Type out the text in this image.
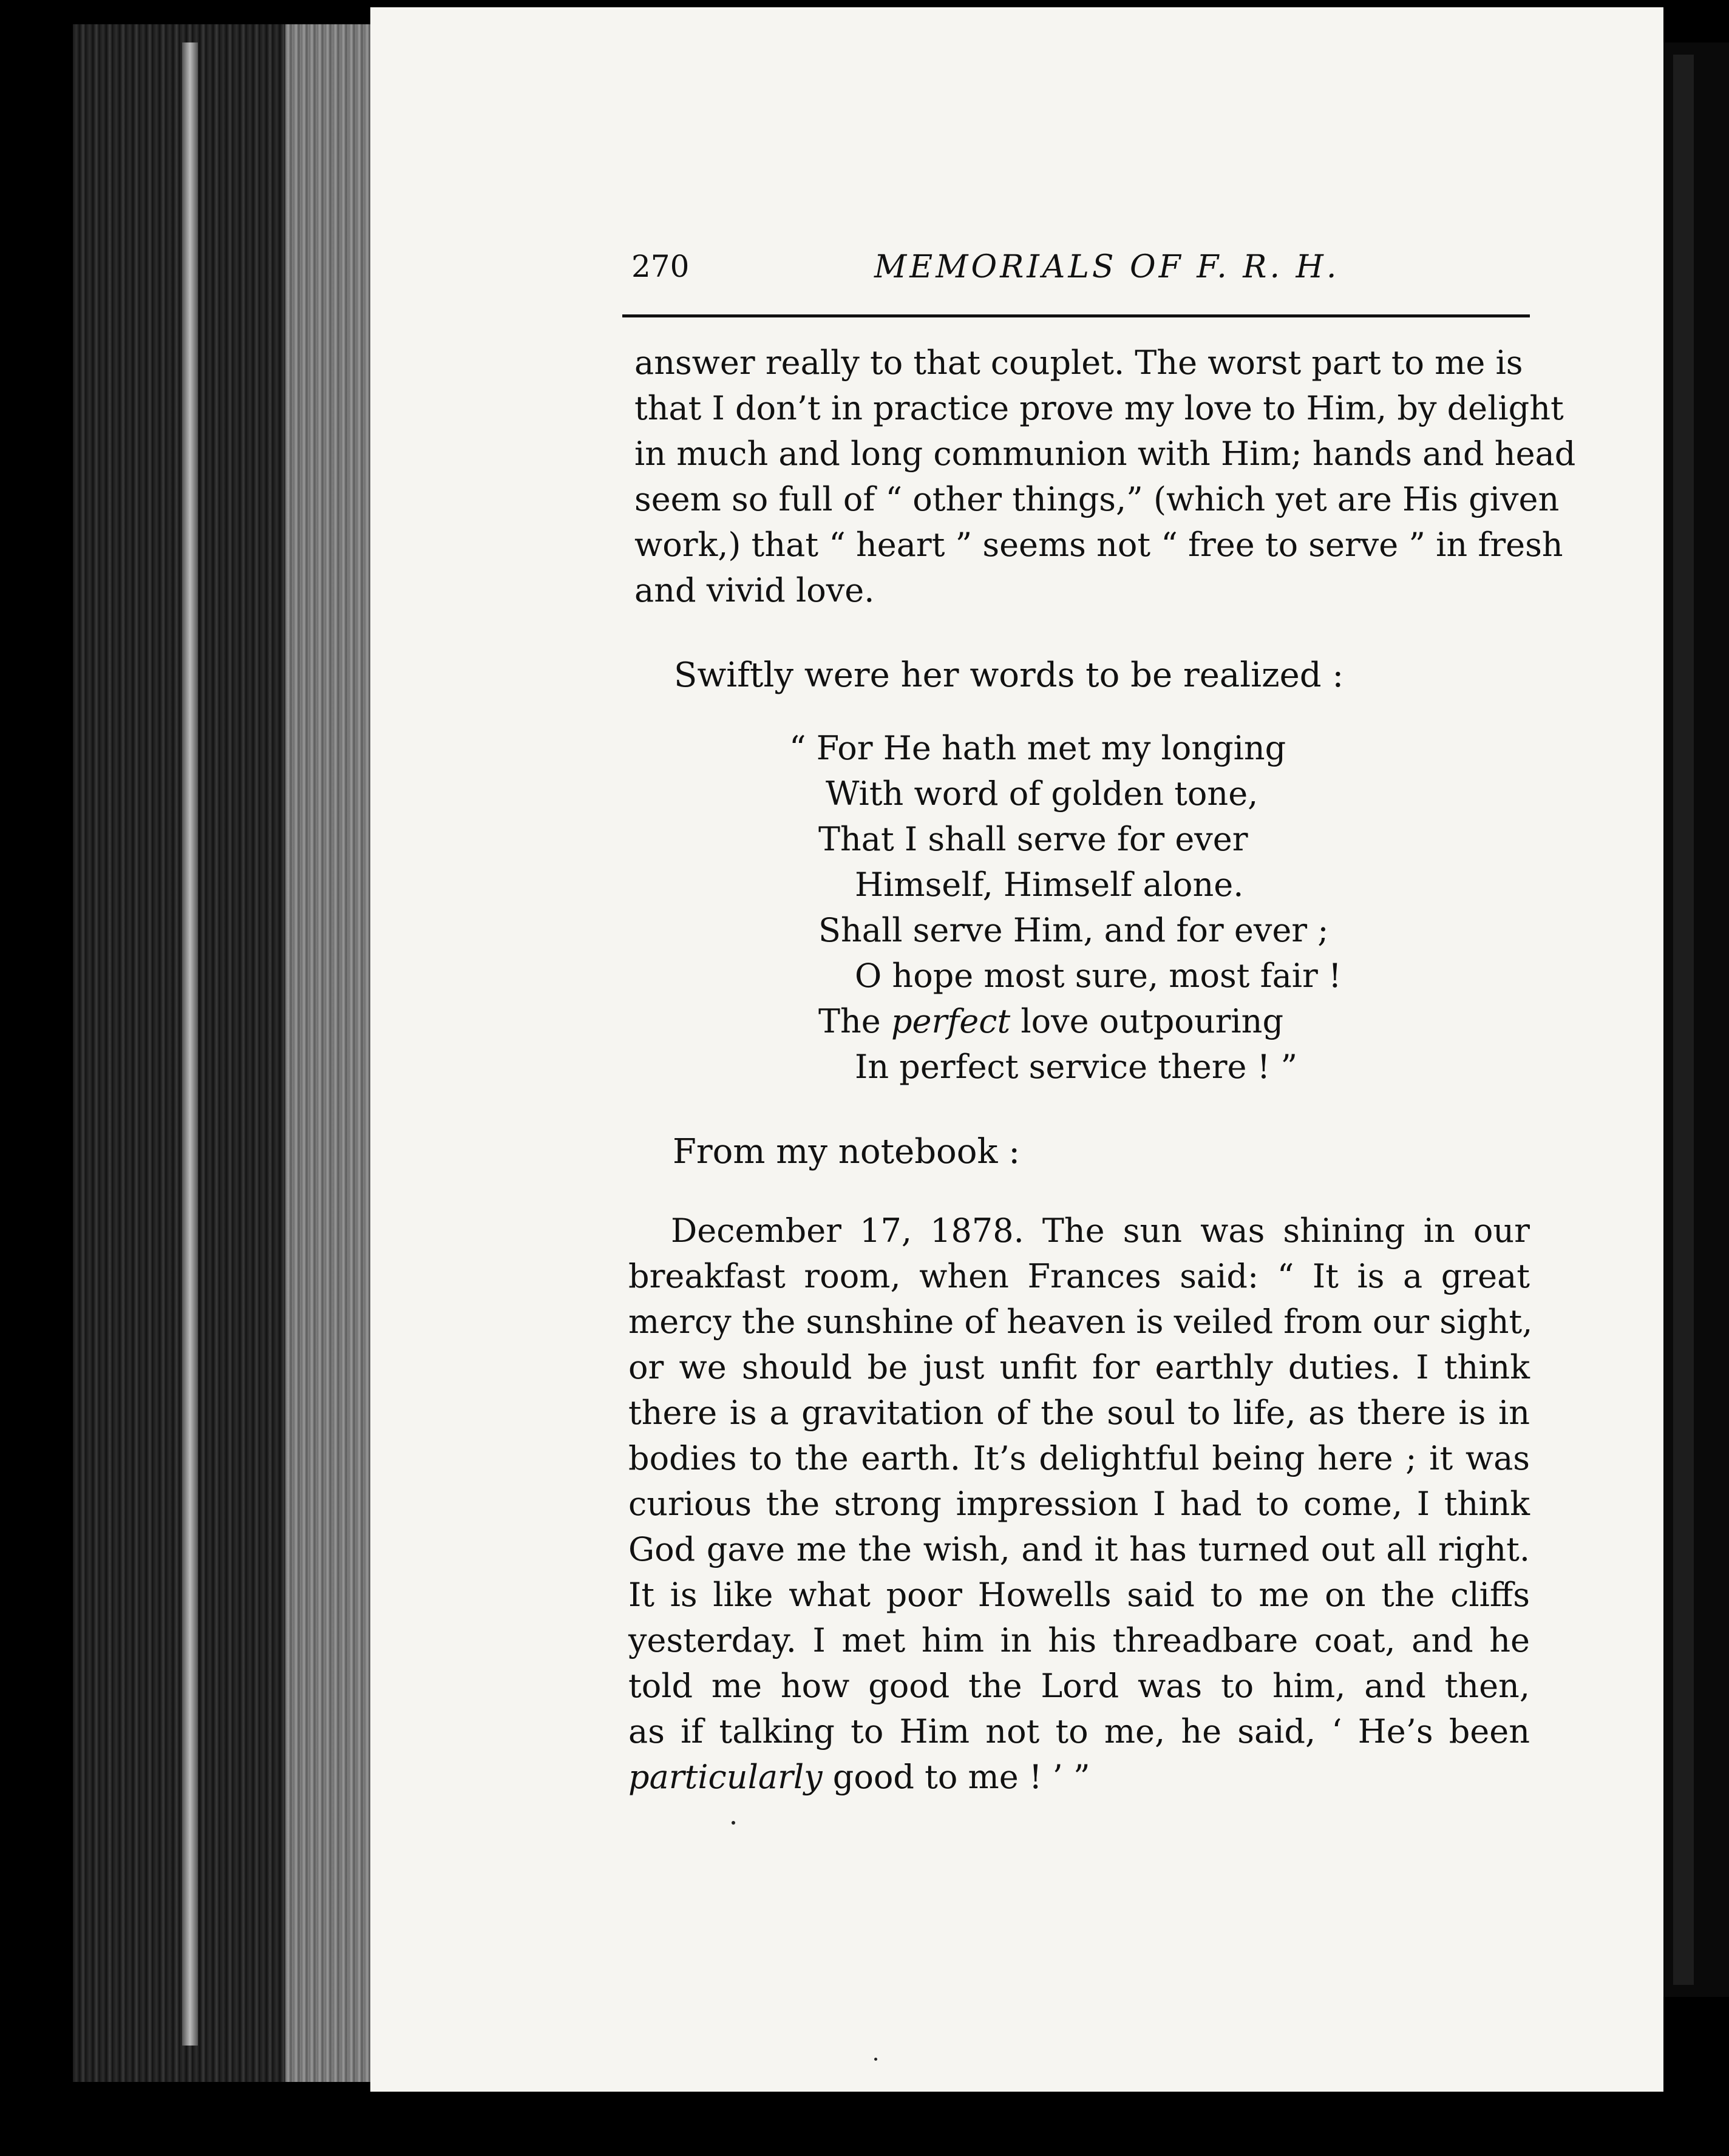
270	MEMORIALS OF F. R. H.
answer really to that couplet. The worst part to me is
that I don’t in practice prove my love to Him, by delight
in much and long communion with Him; hands and head
seem so full of “ other things,” (which yet are His given
work,) that “ heart ” seems not “ free to serve ” in fresh
and vivid love.
Swiftly were her words to be realized :
“ For He hath met my longing
With word of golden tone,
That I shall serve for ever
Himself, Himself alone.
Shall serve Him, and for ever ;
O hope most sure, most fair !
The perfect love outpouring
In perfect service there ! ”
From my notebook :
December 17, 1878. The sun was shining in our
breakfast room, when Frances said: “ It is a great
mercy the sunshine of heaven is veiled from our sight,
or we should be just unfit for earthly duties. I think
there is a gravitation of the soul to life, as there is in
bodies to the earth. It’s delightful being here ; it was
curious the strong impression I had to come, I think
God gave me the wish, and it has turned out all right.
It is like what poor Howells said to me on the cliffs
yesterday. I met him in his threadbare coat, and he
told me how good the Lord was to him, and then,
as if talking to Him not to me, he said, ‘ He’s been
particularly good to me ! ’ ”
